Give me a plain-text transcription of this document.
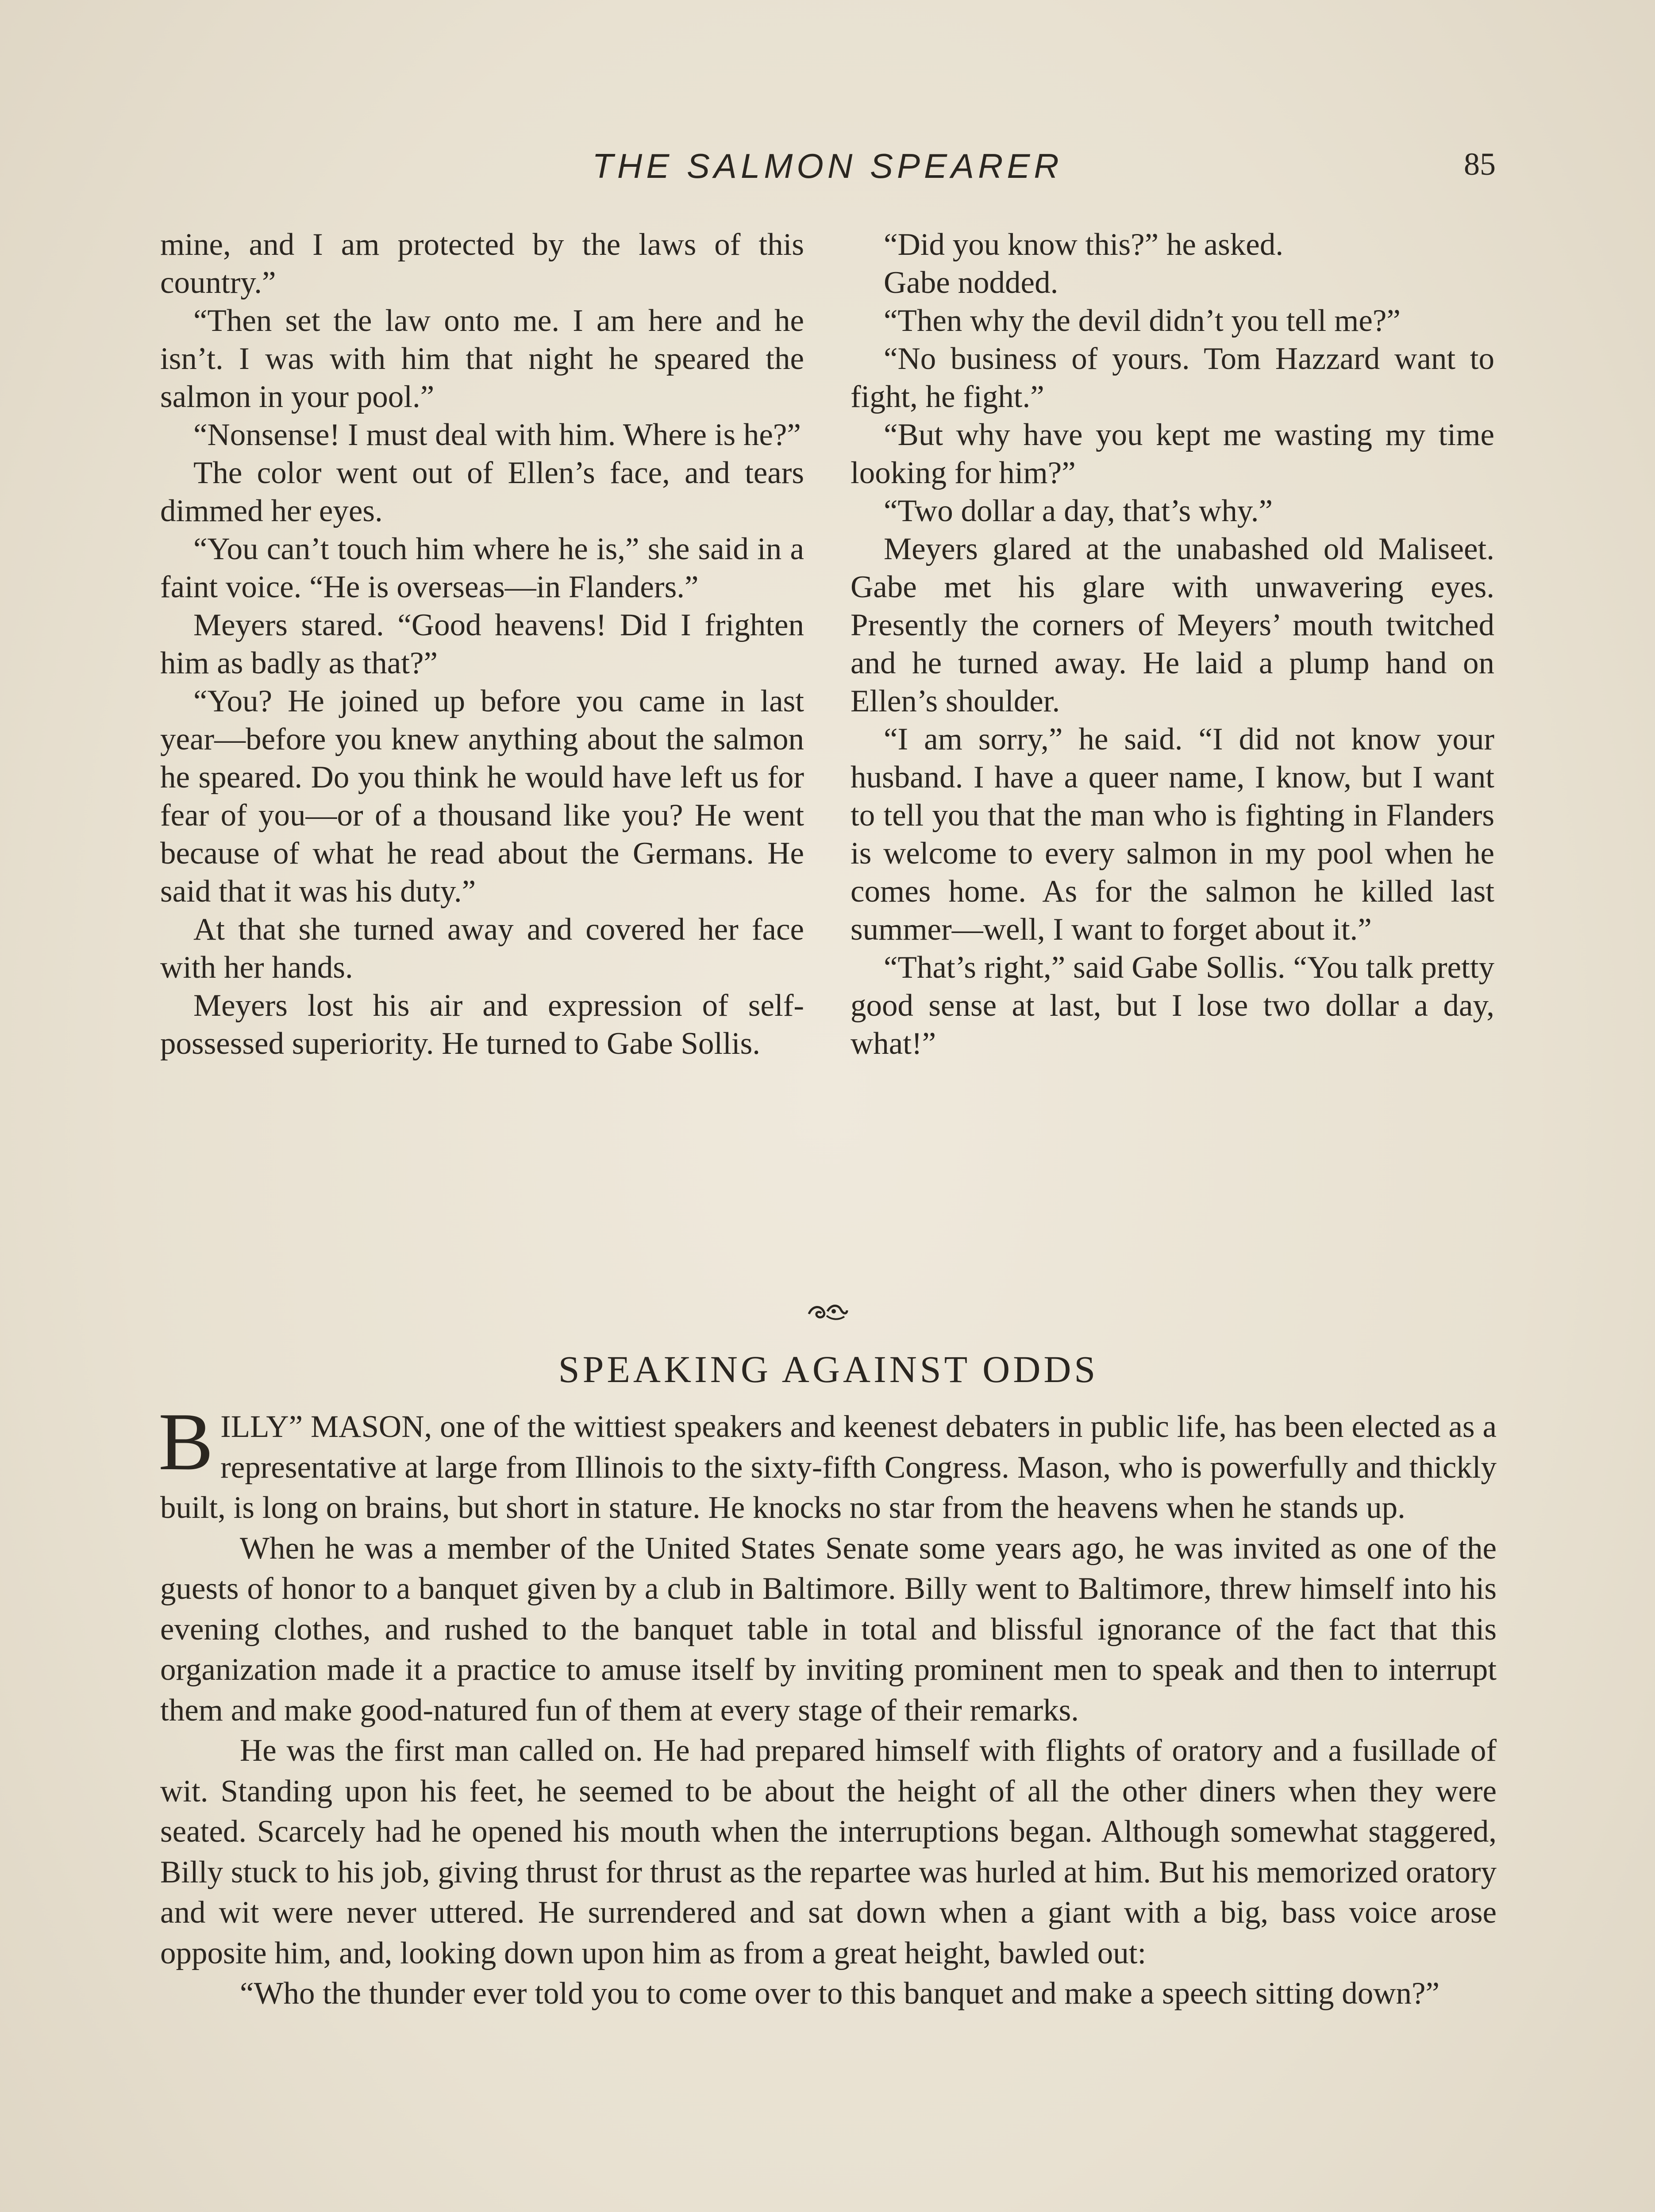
THE SALMON SPEARER	85

mine, and I am protected by the laws of this country.”

“Then set the law onto me. I am here and he isn’t. I was with him that night he speared the salmon in your pool.”

“Nonsense! I must deal with him. Where is he?”

The color went out of Ellen’s face, and tears dimmed her eyes.

“You can’t touch him where he is,” she said in a faint voice. “He is overseas—in Flanders.”

Meyers stared. “Good heavens! Did I frighten him as badly as that?”

“You? He joined up before you came in last year—before you knew anything about the salmon he speared. Do you think he would have left us for fear of you—or of a thousand like you? He went because of what he read about the Germans. He said that it was his duty.”

At that she turned away and covered her face with her hands.

Meyers lost his air and expression of self-possessed superiority. He turned to Gabe Sollis.

“Did you know this?” he asked.

Gabe nodded.

“Then why the devil didn’t you tell me?”

“No business of yours. Tom Hazzard want to fight, he fight.”

“But why have you kept me wasting my time looking for him?”

“Two dollar a day, that’s why.”

Meyers glared at the unabashed old Maliseet. Gabe met his glare with unwavering eyes. Presently the corners of Meyers’ mouth twitched and he turned away. He laid a plump hand on Ellen’s shoulder.

“I am sorry,” he said. “I did not know your husband. I have a queer name, I know, but I want to tell you that the man who is fighting in Flanders is welcome to every salmon in my pool when he comes home. As for the salmon he killed last summer—well, I want to forget about it.”

“That’s right,” said Gabe Sollis. “You talk pretty good sense at last, but I lose two dollar a day, what!”

SPEAKING AGAINST ODDS

BILLY” MASON, one of the wittiest speakers and keenest debaters in public life, has been elected as a representative at large from Illinois to the sixty-fifth Congress. Mason, who is powerfully and thickly built, is long on brains, but short in stature. He knocks no star from the heavens when he stands up.

When he was a member of the United States Senate some years ago, he was invited as one of the guests of honor to a banquet given by a club in Baltimore. Billy went to Baltimore, threw himself into his evening clothes, and rushed to the banquet table in total and blissful ignorance of the fact that this organization made it a practice to amuse itself by inviting prominent men to speak and then to interrupt them and make good-natured fun of them at every stage of their remarks.

He was the first man called on. He had prepared himself with flights of oratory and a fusillade of wit. Standing upon his feet, he seemed to be about the height of all the other diners when they were seated. Scarcely had he opened his mouth when the interruptions began. Although somewhat staggered, Billy stuck to his job, giving thrust for thrust as the repartee was hurled at him. But his memorized oratory and wit were never uttered. He surrendered and sat down when a giant with a big, bass voice arose opposite him, and, looking down upon him as from a great height, bawled out:

“Who the thunder ever told you to come over to this banquet and make a speech sitting down?”
